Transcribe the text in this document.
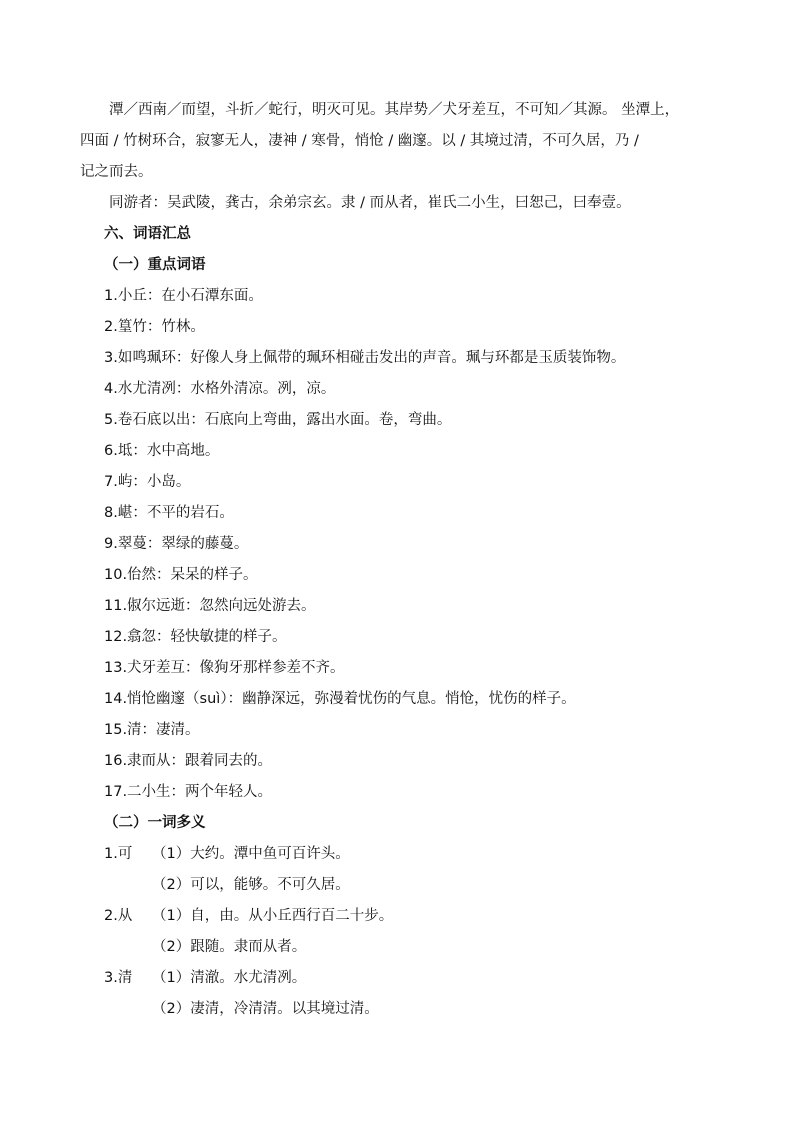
潭／西南／而望，斗折／蛇行，明灭可见。其岸势／犬牙差互，不可知／其源。 坐潭上，

四面 / 竹树环合，寂寥无人，凄神 / 寒骨，悄怆 / 幽邃。以 / 其境过清，不可久居，乃 /

记之而去。

同游者：吴武陵，龚古，余弟宗玄。隶 / 而从者，崔氏二小生，曰恕己，曰奉壹。

六、词语汇总

（一）重点词语

1.小丘：在小石潭东面。

2.篁竹：竹林。

3.如鸣珮环：好像人身上佩带的珮环相碰击发出的声音。珮与环都是玉质装饰物。

4.水尤清冽：水格外清凉。冽，凉。

5.卷石底以出：石底向上弯曲，露出水面。卷，弯曲。

6.坻：水中高地。

7.屿：小岛。

8.嵁：不平的岩石。

9.翠蔓：翠绿的藤蔓。

10.佁然：呆呆的样子。

11.俶尔远逝：忽然向远处游去。

12.翕忽：轻快敏捷的样子。

13.犬牙差互：像狗牙那样参差不齐。

14.悄怆幽邃（suì）：幽静深远，弥漫着忧伤的气息。悄怆，忧伤的样子。

15.清：凄清。

16.隶而从：跟着同去的。

17.二小生：两个年轻人。

（二）一词多义

1.可	（1）大约。潭中鱼可百许头。
（2）可以，能够。不可久居。
2.从	（1）自，由。从小丘西行百二十步。
（2）跟随。隶而从者。
3.清	（1）清澈。水尤清冽。
（2）凄清，冷清清。以其境过清。
